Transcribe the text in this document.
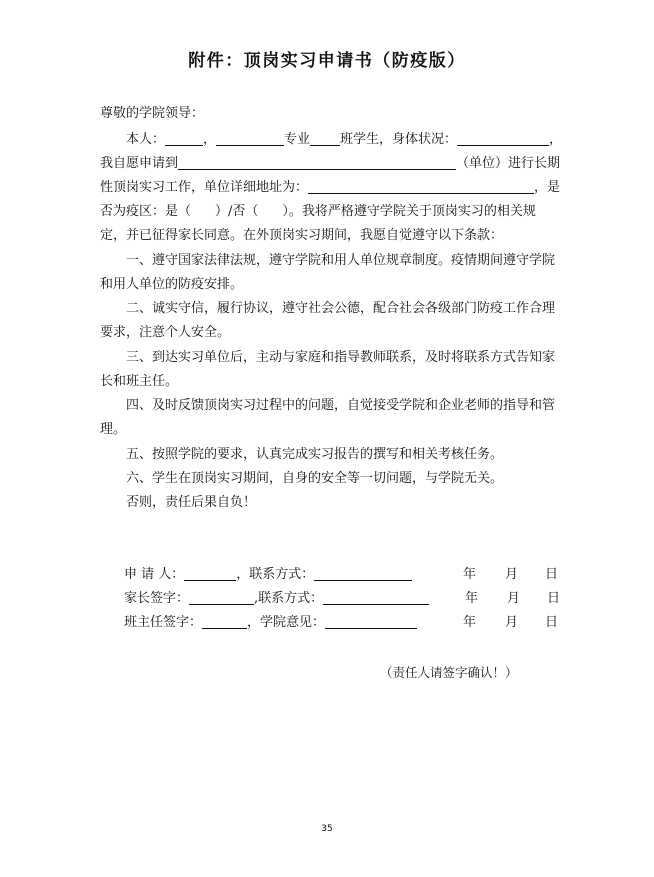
附件：顶岗实习申请书（防疫版）
尊敬的学院领导：
本人：	，	专业 班学生，身体状况：	，
我自愿申请到	（单位）进行长期
性顶岗实习工作，单位详细地址为：	，是
否为疫区：是（ ）/否（ ）。我将严格遵守学院关于顶岗实习的相关规
定，并已征得家长同意。在外顶岗实习期间，我愿自觉遵守以下条款：
一、遵守国家法律法规，遵守学院和用人单位规章制度。疫情期间遵守学院
和用人单位的防疫安排。
二、诚实守信，履行协议，遵守社会公德，配合社会各级部门防疫工作合理
要求，注意个人安全。
三、到达实习单位后，主动与家庭和指导教师联系，及时将联系方式告知家
长和班主任。
四、及时反馈顶岗实习过程中的问题，自觉接受学院和企业老师的指导和管
理。
五、按照学院的要求，认真完成实习报告的撰写和相关考核任务。
六、学生在顶岗实习期间，自身的安全等一切问题，与学院无关。
否则，责任后果自负！
申 请 人：	，联系方式：	年 月 日
家长签字：	,联系方式：	年 月 日
班主任签字：	，学院意见：	年 月 日
（责任人请签字确认！）
35
